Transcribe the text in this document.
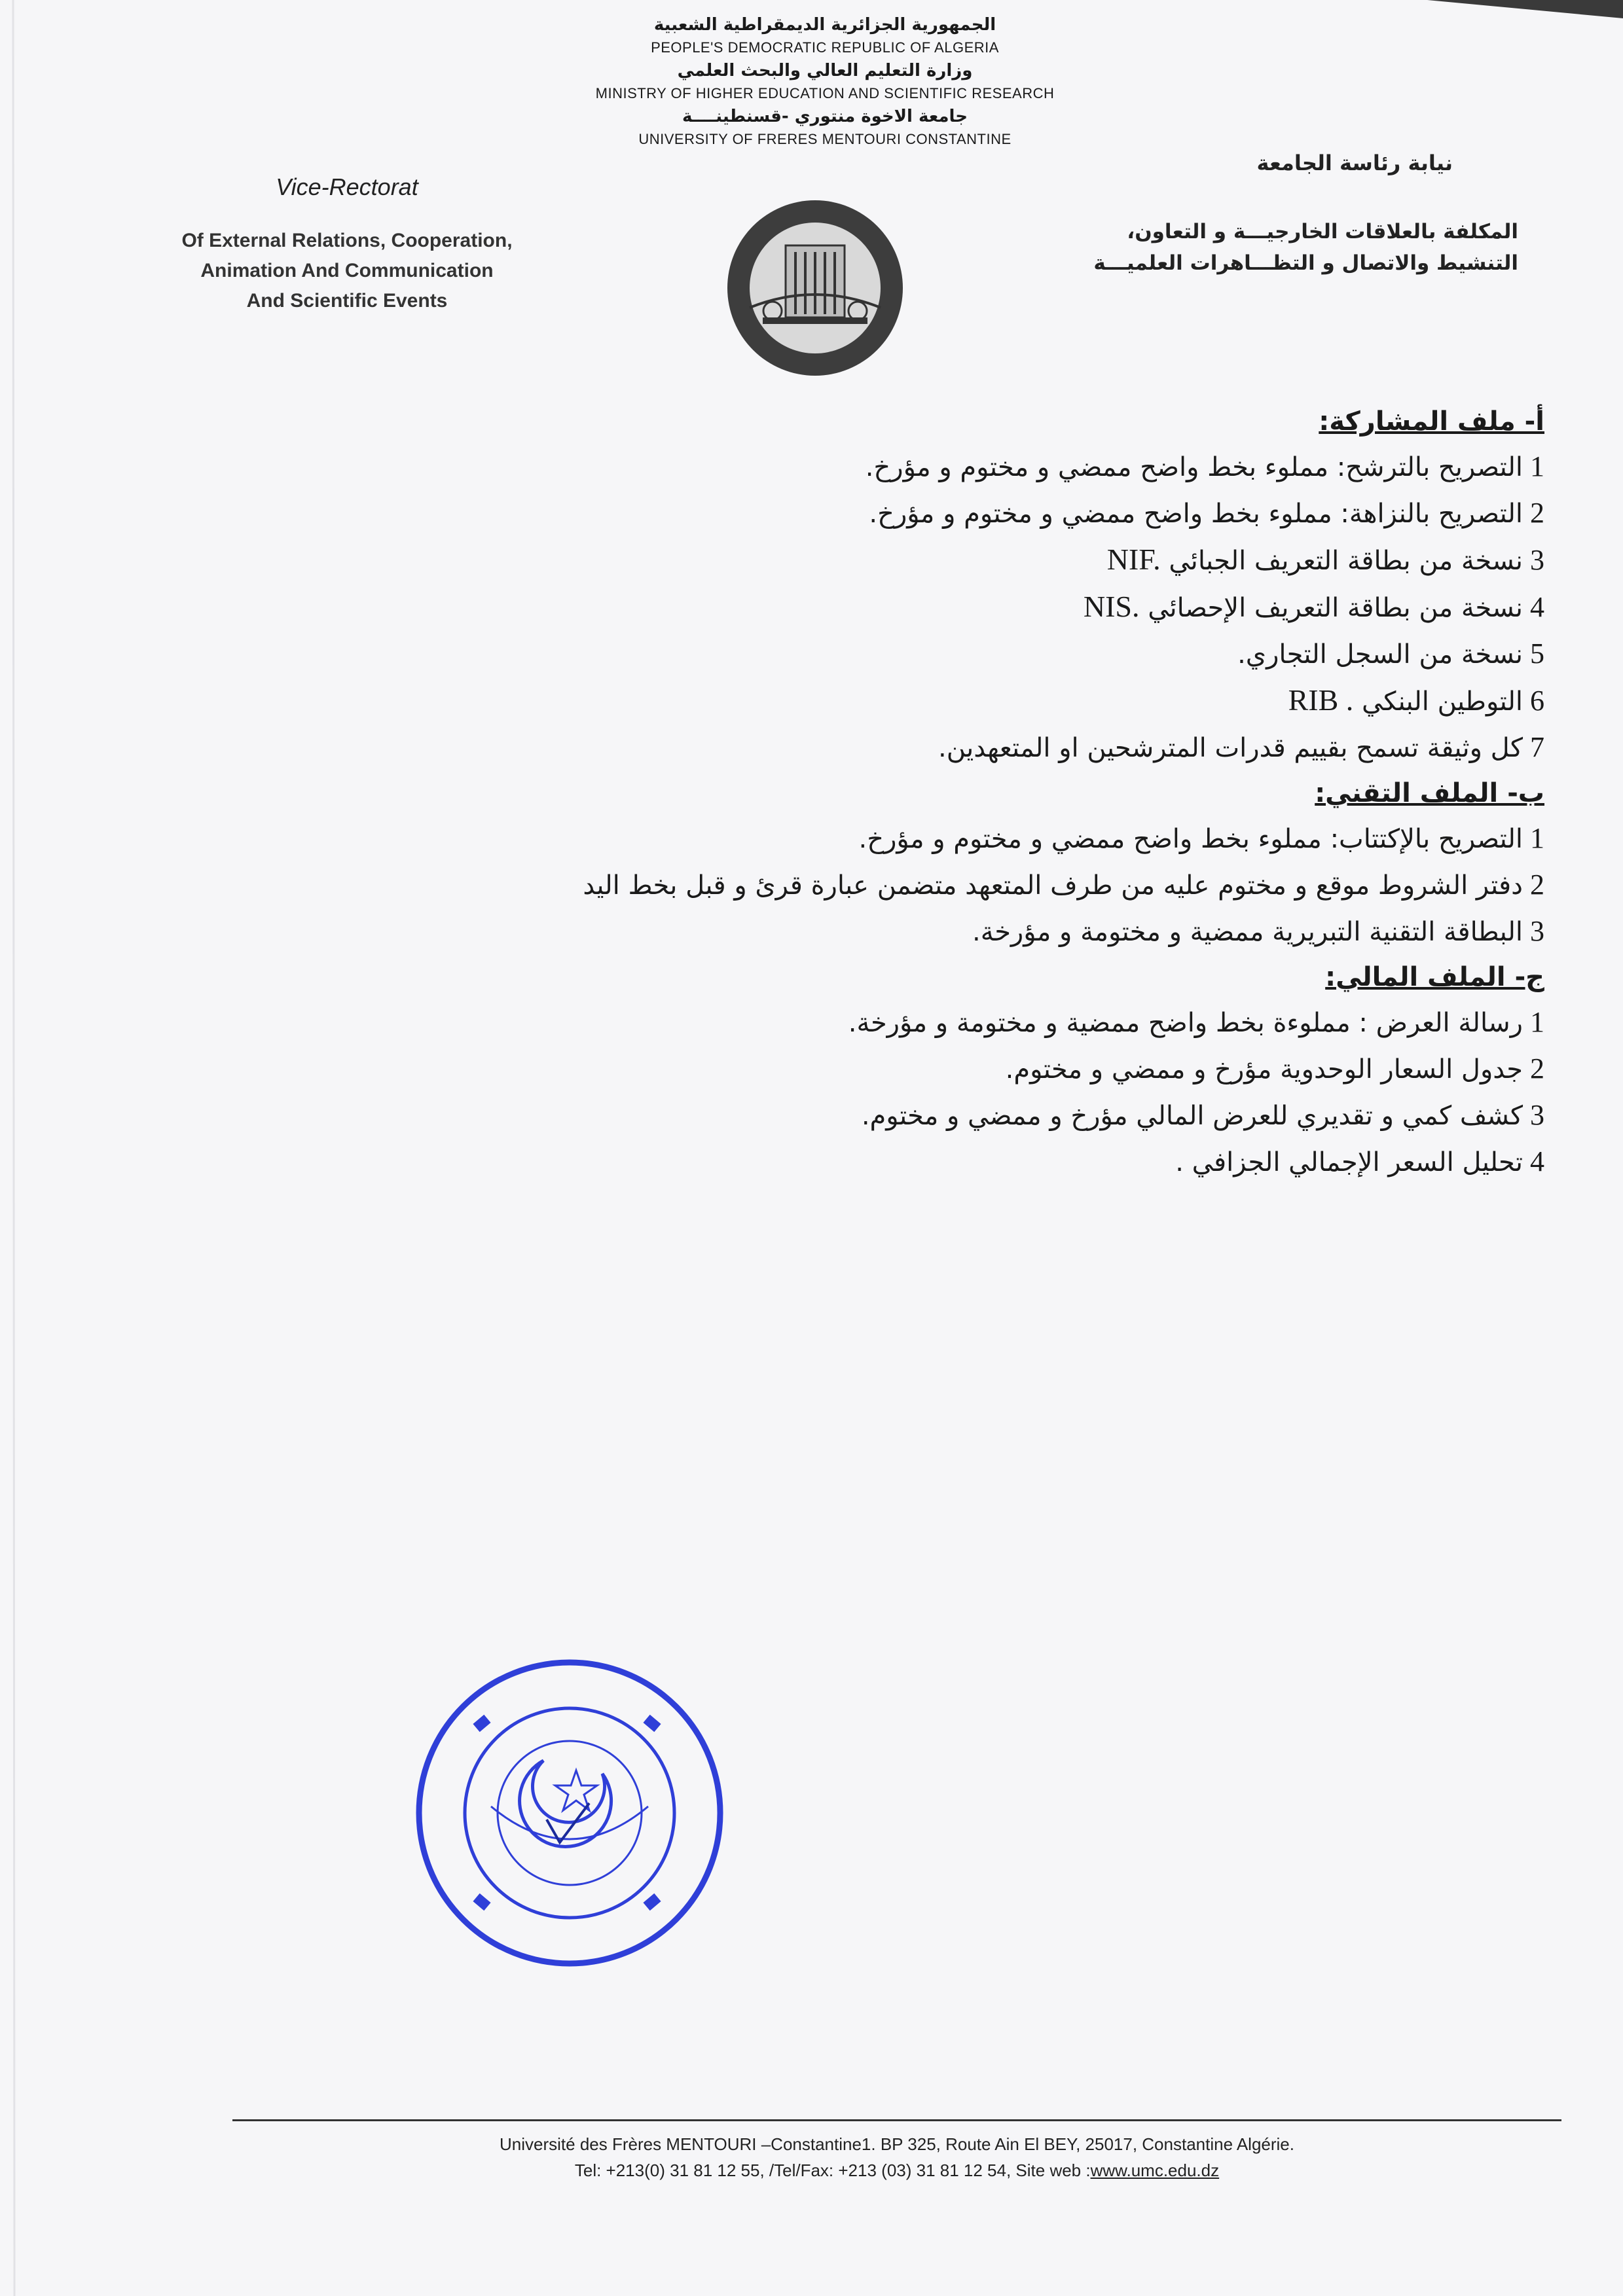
الجمهورية الجزائرية الديمقراطية الشعبية
PEOPLE'S DEMOCRATIC REPUBLIC OF ALGERIA
وزارة التعليم العالي والبحث العلمي
MINISTRY OF HIGHER EDUCATION AND SCIENTIFIC RESEARCH
جامعة الاخوة منتوري -قسنطينــــة
UNIVERSITY OF FRERES MENTOURI CONSTANTINE
Vice-Rectorat
Of External Relations, Cooperation,
Animation And Communication
And Scientific Events
نيابة رئاسة الجامعة
المكلفة بالعلاقات الخارجيـــة و التعاون،
التنشيط والاتصال و التظـــاهرات العلميـــة
أ- ملف المشاركة:
1 التصريح بالترشح: مملوء بخط واضح ممضي و مختوم و مؤرخ.
2 التصريح بالنزاهة: مملوء بخط واضح ممضي و مختوم و مؤرخ.
3 نسخة من بطاقة التعريف الجبائي NIF.
4 نسخة من بطاقة التعريف الإحصائي NIS.
5 نسخة من السجل التجاري.
6 التوطين البنكي RIB .
7 كل وثيقة تسمح بقييم قدرات المترشحين او المتعهدين.
ب- الملف التقني:
1 التصريح بالإكتتاب: مملوء بخط واضح ممضي و مختوم و مؤرخ.
2 دفتر الشروط موقع و مختوم عليه من طرف المتعهد متضمن عبارة قرئ و قبل بخط اليد
3 البطاقة التقنية التبريرية ممضية و مختومة و مؤرخة.
ج- الملف المالي:
1 رسالة العرض : مملوءة بخط واضح ممضية و مختومة و مؤرخة.
2 جدول السعار الوحدوية مؤرخ و ممضي و مختوم.
3 كشف كمي و تقديري للعرض المالي مؤرخ و ممضي و مختوم.
4 تحليل السعر الإجمالي الجزافي .
Université des Frères MENTOURI –Constantine1. BP 325, Route Ain El BEY, 25017, Constantine Algérie.
Tel: +213(0) 31 81 12 55, /Tel/Fax: +213 (03) 31 81 12 54, Site web :www.umc.edu.dz
